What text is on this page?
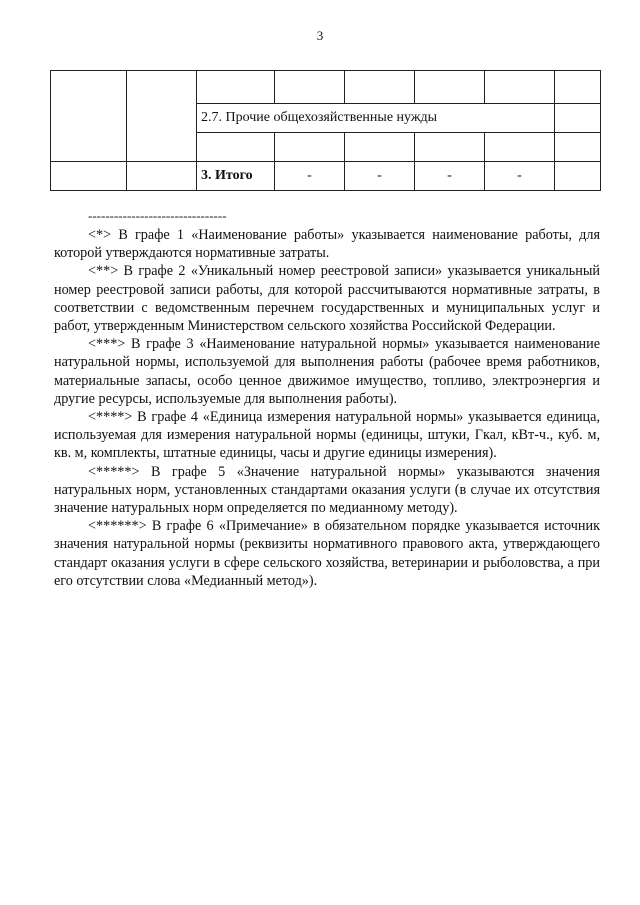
3

		2.7. Прочие общехозяйственные нужды					

		3. Итого	-	-	-	-	
--------------------------------

<*> В графе 1 «Наименование работы» указывается наименование работы, для которой утверждаются нормативные затраты.

<**> В графе 2 «Уникальный номер реестровой записи» указывается уникальный номер реестровой записи работы, для которой рассчитываются нормативные затраты, в соответствии с ведомственным перечнем государственных и муниципальных услуг и работ, утвержденным Министерством сельского хозяйства Российской Федерации.

<***> В графе 3 «Наименование натуральной нормы» указывается наименование натуральной нормы, используемой для выполнения работы (рабочее время работников, материальные запасы, особо ценное движимое имущество, топливо, электроэнергия и другие ресурсы, используемые для выполнения работы).

<****> В графе 4 «Единица измерения натуральной нормы» указывается единица, используемая для измерения натуральной нормы (единицы, штуки, Гкал, кВт-ч., куб. м, кв. м, комплекты, штатные единицы, часы и другие единицы измерения).

<*****> В графе 5 «Значение натуральной нормы» указываются значения натуральных норм, установленных стандартами оказания услуги (в случае их отсутствия значение натуральных норм определяется по медианному методу).

<******> В графе 6 «Примечание» в обязательном порядке указывается источник значения натуральной нормы (реквизиты нормативного правового акта, утверждающего стандарт оказания услуги в сфере сельского хозяйства, ветеринарии и рыболовства, а при его отсутствии слова «Медианный метод»).
